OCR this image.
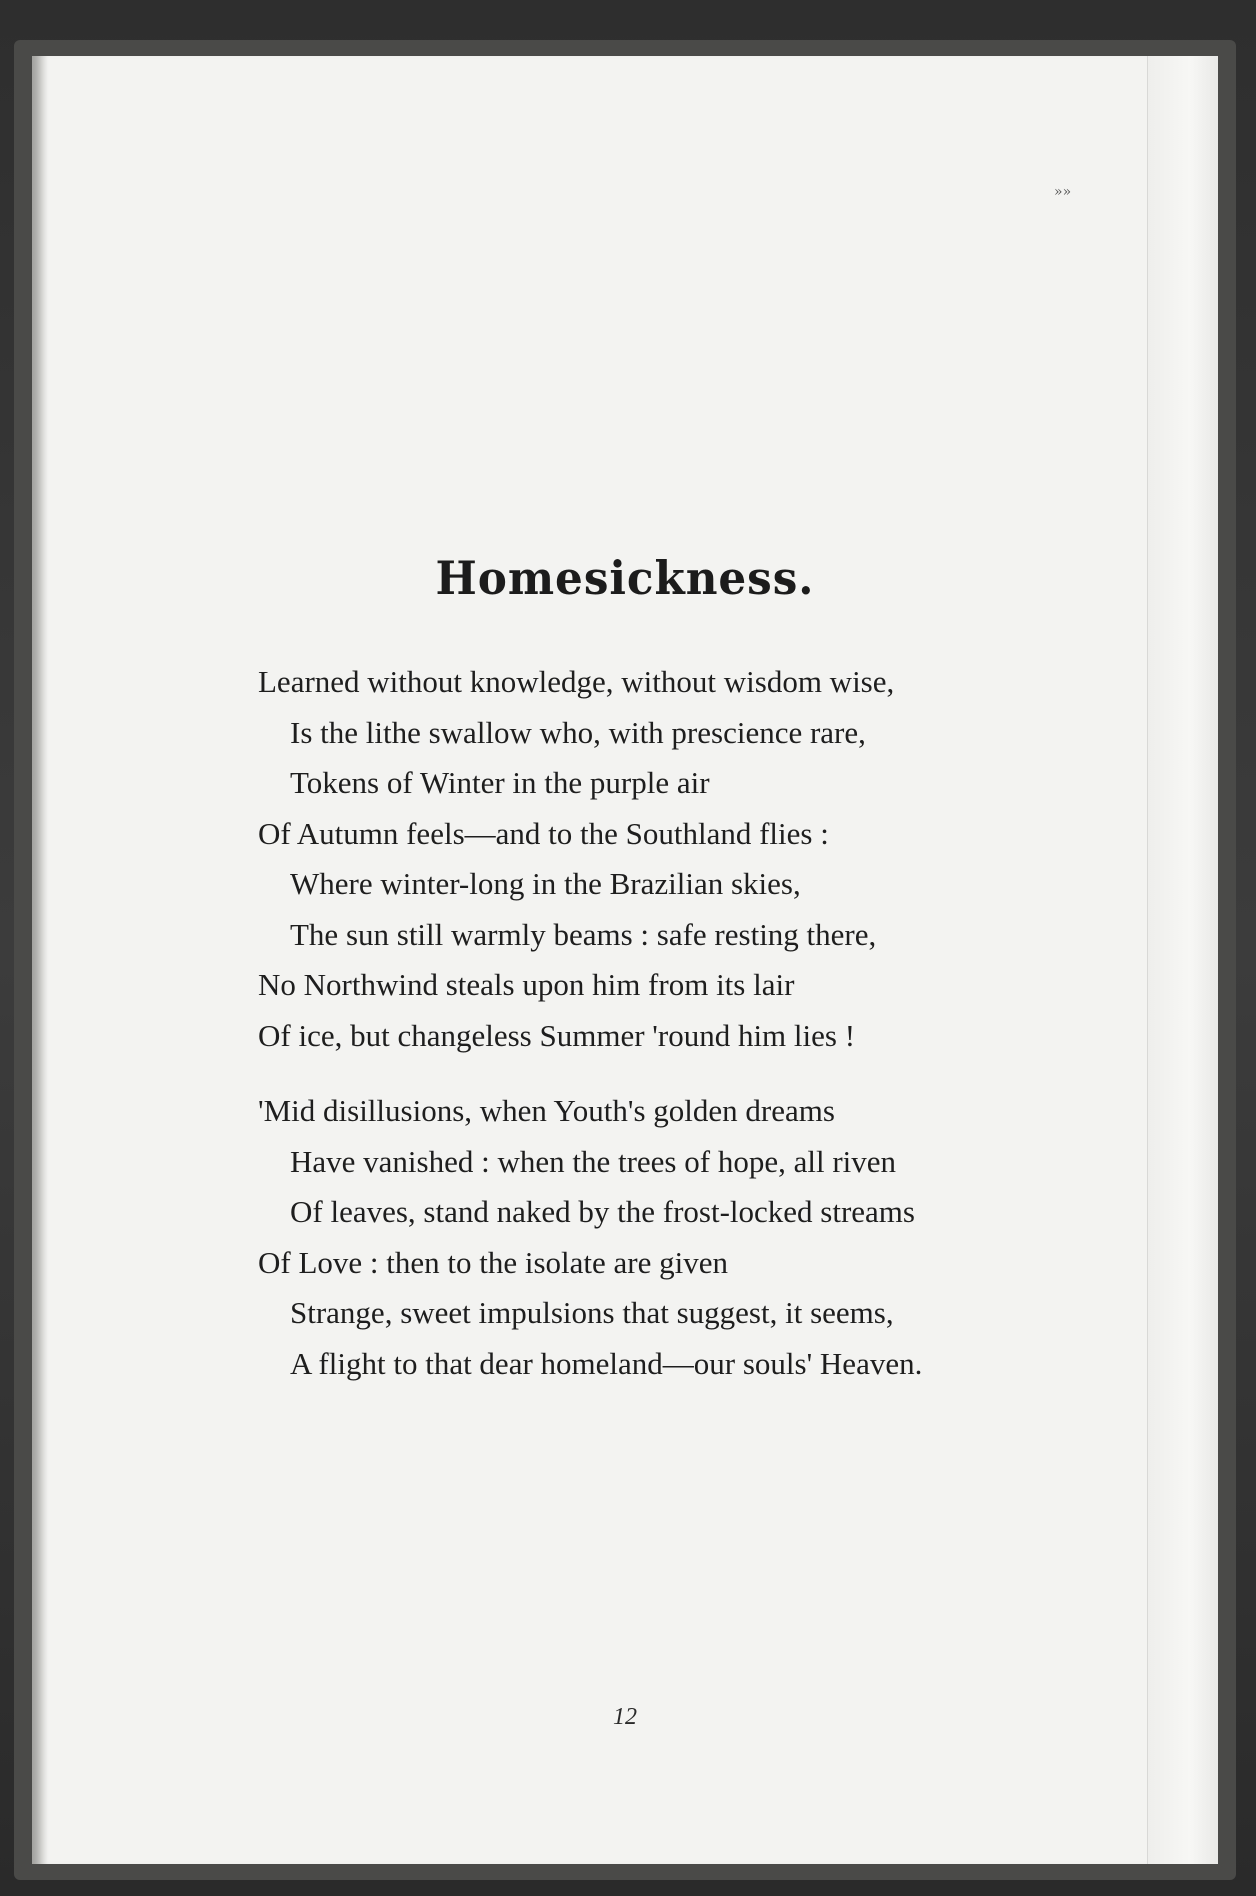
»»
Homesickness.
Learned without knowledge, without wisdom wise,
Is the lithe swallow who, with prescience rare,
Tokens of Winter in the purple air
Of Autumn feels—and to the Southland flies :
Where winter-long in the Brazilian skies,
The sun still warmly beams : safe resting there,
No Northwind steals upon him from its lair
Of ice, but changeless Summer 'round him lies !
'Mid disillusions, when Youth's golden dreams
Have vanished : when the trees of hope, all riven
Of leaves, stand naked by the frost-locked streams
Of Love : then to the isolate are given
Strange, sweet impulsions that suggest, it seems,
A flight to that dear homeland—our souls' Heaven.
12
